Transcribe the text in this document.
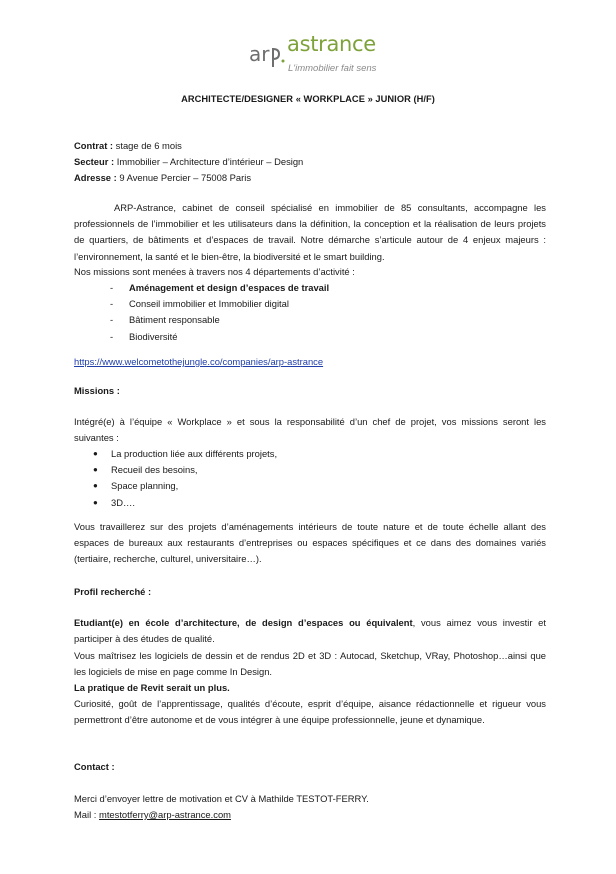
ar astrance
L'immobilier fait sens
ARCHITECTE/DESIGNER « WORKPLACE » JUNIOR (H/F)
Contrat : stage de 6 mois
Secteur : Immobilier – Architecture d’intérieur – Design
Adresse : 9 Avenue Percier – 75008 Paris
ARP-Astrance, cabinet de conseil spécialisé en immobilier de 85 consultants, accompagne les professionnels de l’immobilier et les utilisateurs dans la définition, la conception et la réalisation de leurs projets de quartiers, de bâtiments et d’espaces de travail. Notre démarche s’articule autour de 4 enjeux majeurs : l’environnement, la santé et le bien-être, la biodiversité et le smart building.
Nos missions sont menées à travers nos 4 départements d’activité :
- Aménagement et design d’espaces de travail
- Conseil immobilier et Immobilier digital
- Bâtiment responsable
- Biodiversité
https://www.welcometothejungle.co/companies/arp-astrance
Missions :
Intégré(e) à l’équipe « Workplace » et sous la responsabilité d’un chef de projet, vos missions seront les suivantes :
● La production liée aux différents projets,
● Recueil des besoins,
● Space planning,
● 3D….
Vous travaillerez sur des projets d’aménagements intérieurs de toute nature et de toute échelle allant des espaces de bureaux aux restaurants d’entreprises ou espaces spécifiques et ce dans des domaines variés (tertiaire, recherche, culturel, universitaire…).
Profil recherché :
Etudiant(e) en école d’architecture, de design d’espaces ou équivalent, vous aimez vous investir et participer à des études de qualité.
Vous maîtrisez les logiciels de dessin et de rendus 2D et 3D : Autocad, Sketchup, VRay, Photoshop…ainsi que les logiciels de mise en page comme In Design.
La pratique de Revit serait un plus.
Curiosité, goût de l’apprentissage, qualités d’écoute, esprit d’équipe, aisance rédactionnelle et rigueur vous permettront d’être autonome et de vous intégrer à une équipe professionnelle, jeune et dynamique.
Contact :
Merci d’envoyer lettre de motivation et CV à Mathilde TESTOT-FERRY.
Mail : mtestotferry@arp-astrance.com
